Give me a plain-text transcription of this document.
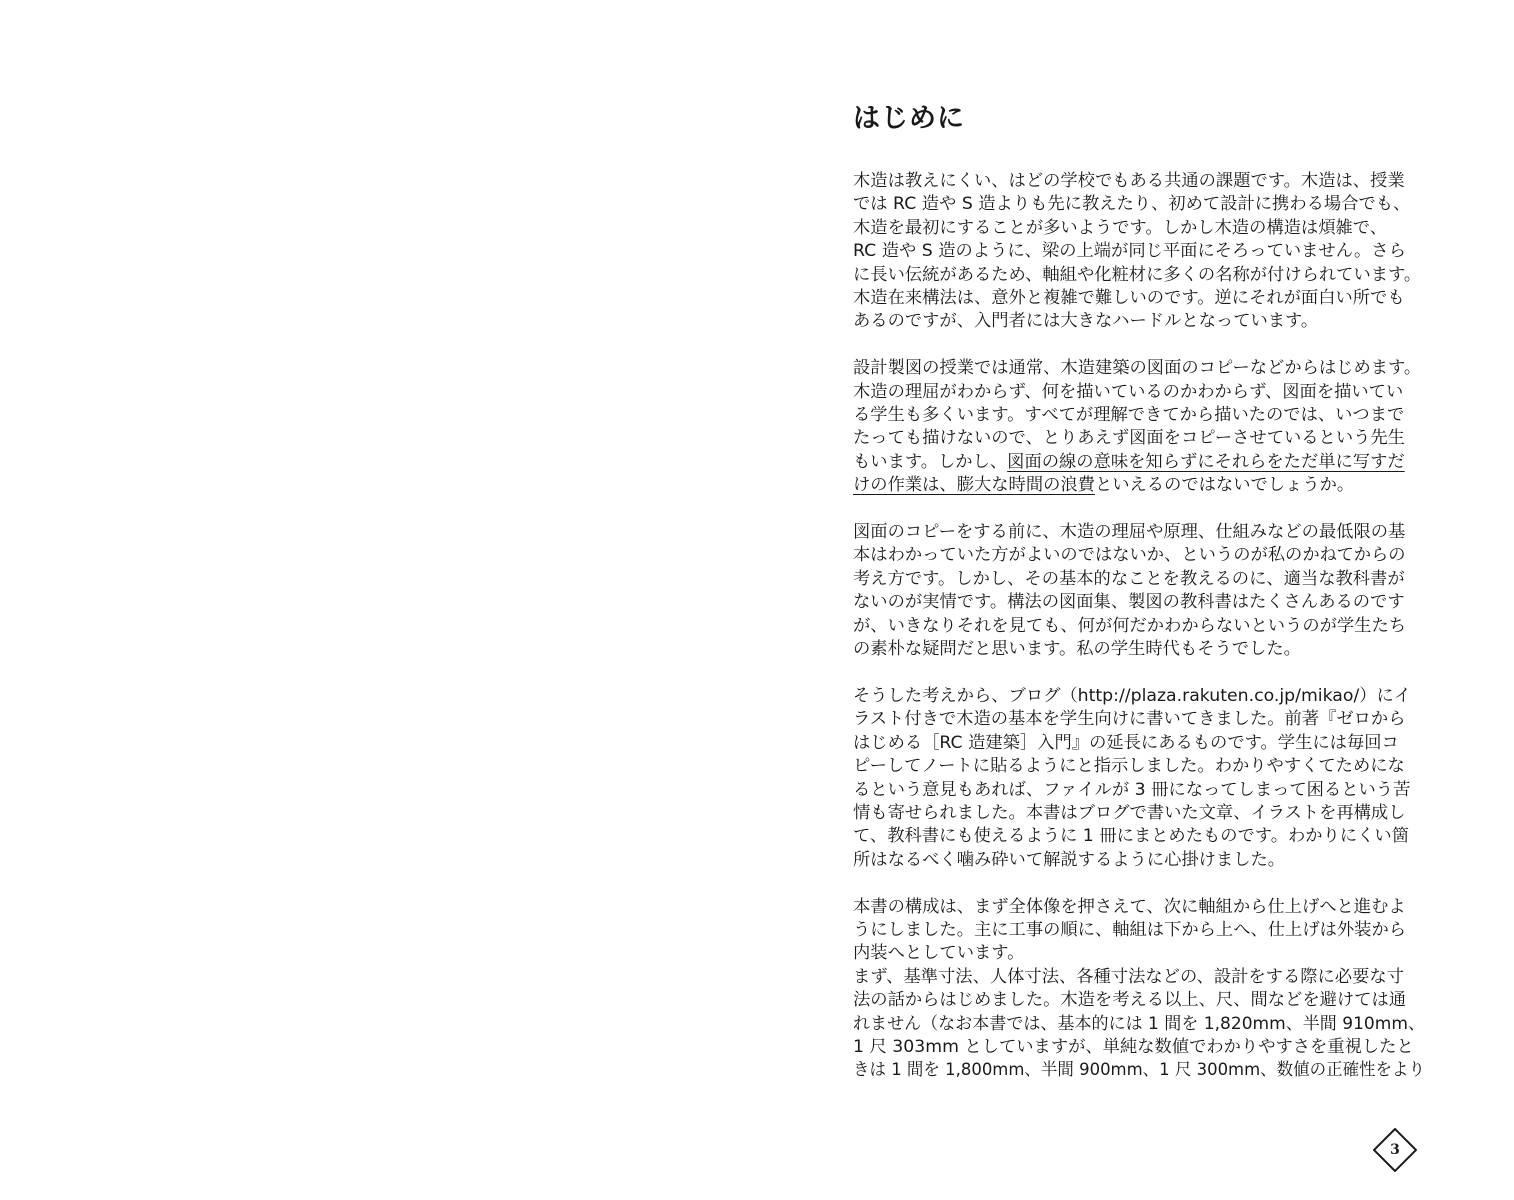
はじめに

木造は教えにくい、はどの学校でもある共通の課題です。木造は、授業
では RC 造や S 造よりも先に教えたり、初めて設計に携わる場合でも、
木造を最初にすることが多いようです。しかし木造の構造は煩雑で、
RC 造や S 造のように、梁の上端が同じ平面にそろっていません。さら
に長い伝統があるため、軸組や化粧材に多くの名称が付けられています。
木造在来構法は、意外と複雑で難しいのです。逆にそれが面白い所でも
あるのですが、入門者には大きなハードルとなっています。

設計製図の授業では通常、木造建築の図面のコピーなどからはじめます。
木造の理屈がわからず、何を描いているのかわからず、図面を描いてい
る学生も多くいます。すべてが理解できてから描いたのでは、いつまで
たっても描けないので、とりあえず図面をコピーさせているという先生
もいます。しかし、図面の線の意味を知らずにそれらをただ単に写すだ
けの作業は、膨大な時間の浪費といえるのではないでしょうか。

図面のコピーをする前に、木造の理屈や原理、仕組みなどの最低限の基
本はわかっていた方がよいのではないか、というのが私のかねてからの
考え方です。しかし、その基本的なことを教えるのに、適当な教科書が
ないのが実情です。構法の図面集、製図の教科書はたくさんあるのです
が、いきなりそれを見ても、何が何だかわからないというのが学生たち
の素朴な疑問だと思います。私の学生時代もそうでした。

そうした考えから、ブログ（http://plaza.rakuten.co.jp/mikao/）にイ
ラスト付きで木造の基本を学生向けに書いてきました。前著『ゼロから
はじめる［RC 造建築］入門』の延長にあるものです。学生には毎回コ
ピーしてノートに貼るようにと指示しました。わかりやすくてためにな
るという意見もあれば、ファイルが 3 冊になってしまって困るという苦
情も寄せられました。本書はブログで書いた文章、イラストを再構成し
て、教科書にも使えるように 1 冊にまとめたものです。わかりにくい箇
所はなるべく噛み砕いて解説するように心掛けました。

本書の構成は、まず全体像を押さえて、次に軸組から仕上げへと進むよ
うにしました。主に工事の順に、軸組は下から上へ、仕上げは外装から
内装へとしています。

まず、基準寸法、人体寸法、各種寸法などの、設計をする際に必要な寸
法の話からはじめました。木造を考える以上、尺、間などを避けては通
れません（なお本書では、基本的には 1 間を 1,820mm、半間 910mm、
1 尺 303mm としていますが、単純な数値でわかりやすさを重視したと
きは 1 間を 1,800mm、半間 900mm、1 尺 300mm、数値の正確性をより

3
